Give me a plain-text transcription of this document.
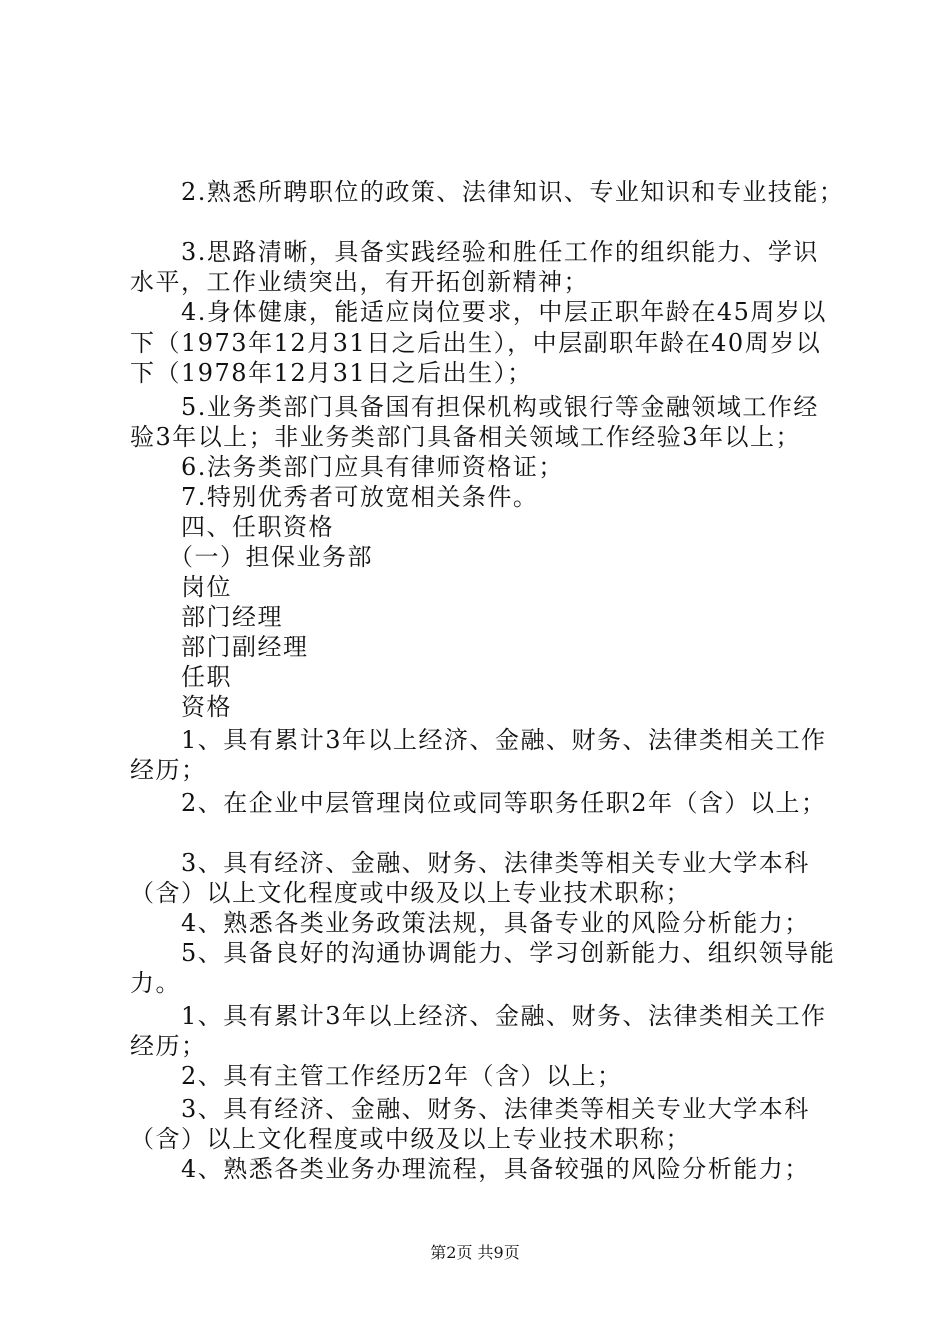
　　2.熟悉所聘职位的政策、法律知识、专业知识和专业技能；
　　3.思路清晰，具备实践经验和胜任工作的组织能力、学识
水平，工作业绩突出，有开拓创新精神；
　　4.身体健康，能适应岗位要求，中层正职年龄在45周岁以
下（1973年12月31日之后出生），中层副职年龄在40周岁以
下（1978年12月31日之后出生）；
　　5.业务类部门具备国有担保机构或银行等金融领域工作经
验3年以上；非业务类部门具备相关领域工作经验3年以上；
　　6.法务类部门应具有律师资格证；
　　7.特别优秀者可放宽相关条件。
　　四、任职资格
　　（一）担保业务部
　　岗位
　　部门经理
　　部门副经理
　　任职
　　资格
　　1、具有累计3年以上经济、金融、财务、法律类相关工作
经历；
　　2、在企业中层管理岗位或同等职务任职2年（含）以上；
　　3、具有经济、金融、财务、法律类等相关专业大学本科
（含）以上文化程度或中级及以上专业技术职称；
　　4、熟悉各类业务政策法规，具备专业的风险分析能力；
　　5、具备良好的沟通协调能力、学习创新能力、组织领导能
力。
　　1、具有累计3年以上经济、金融、财务、法律类相关工作
经历；
　　2、具有主管工作经历2年（含）以上；
　　3、具有经济、金融、财务、法律类等相关专业大学本科
（含）以上文化程度或中级及以上专业技术职称；
　　4、熟悉各类业务办理流程，具备较强的风险分析能力；
第2页 共9页
